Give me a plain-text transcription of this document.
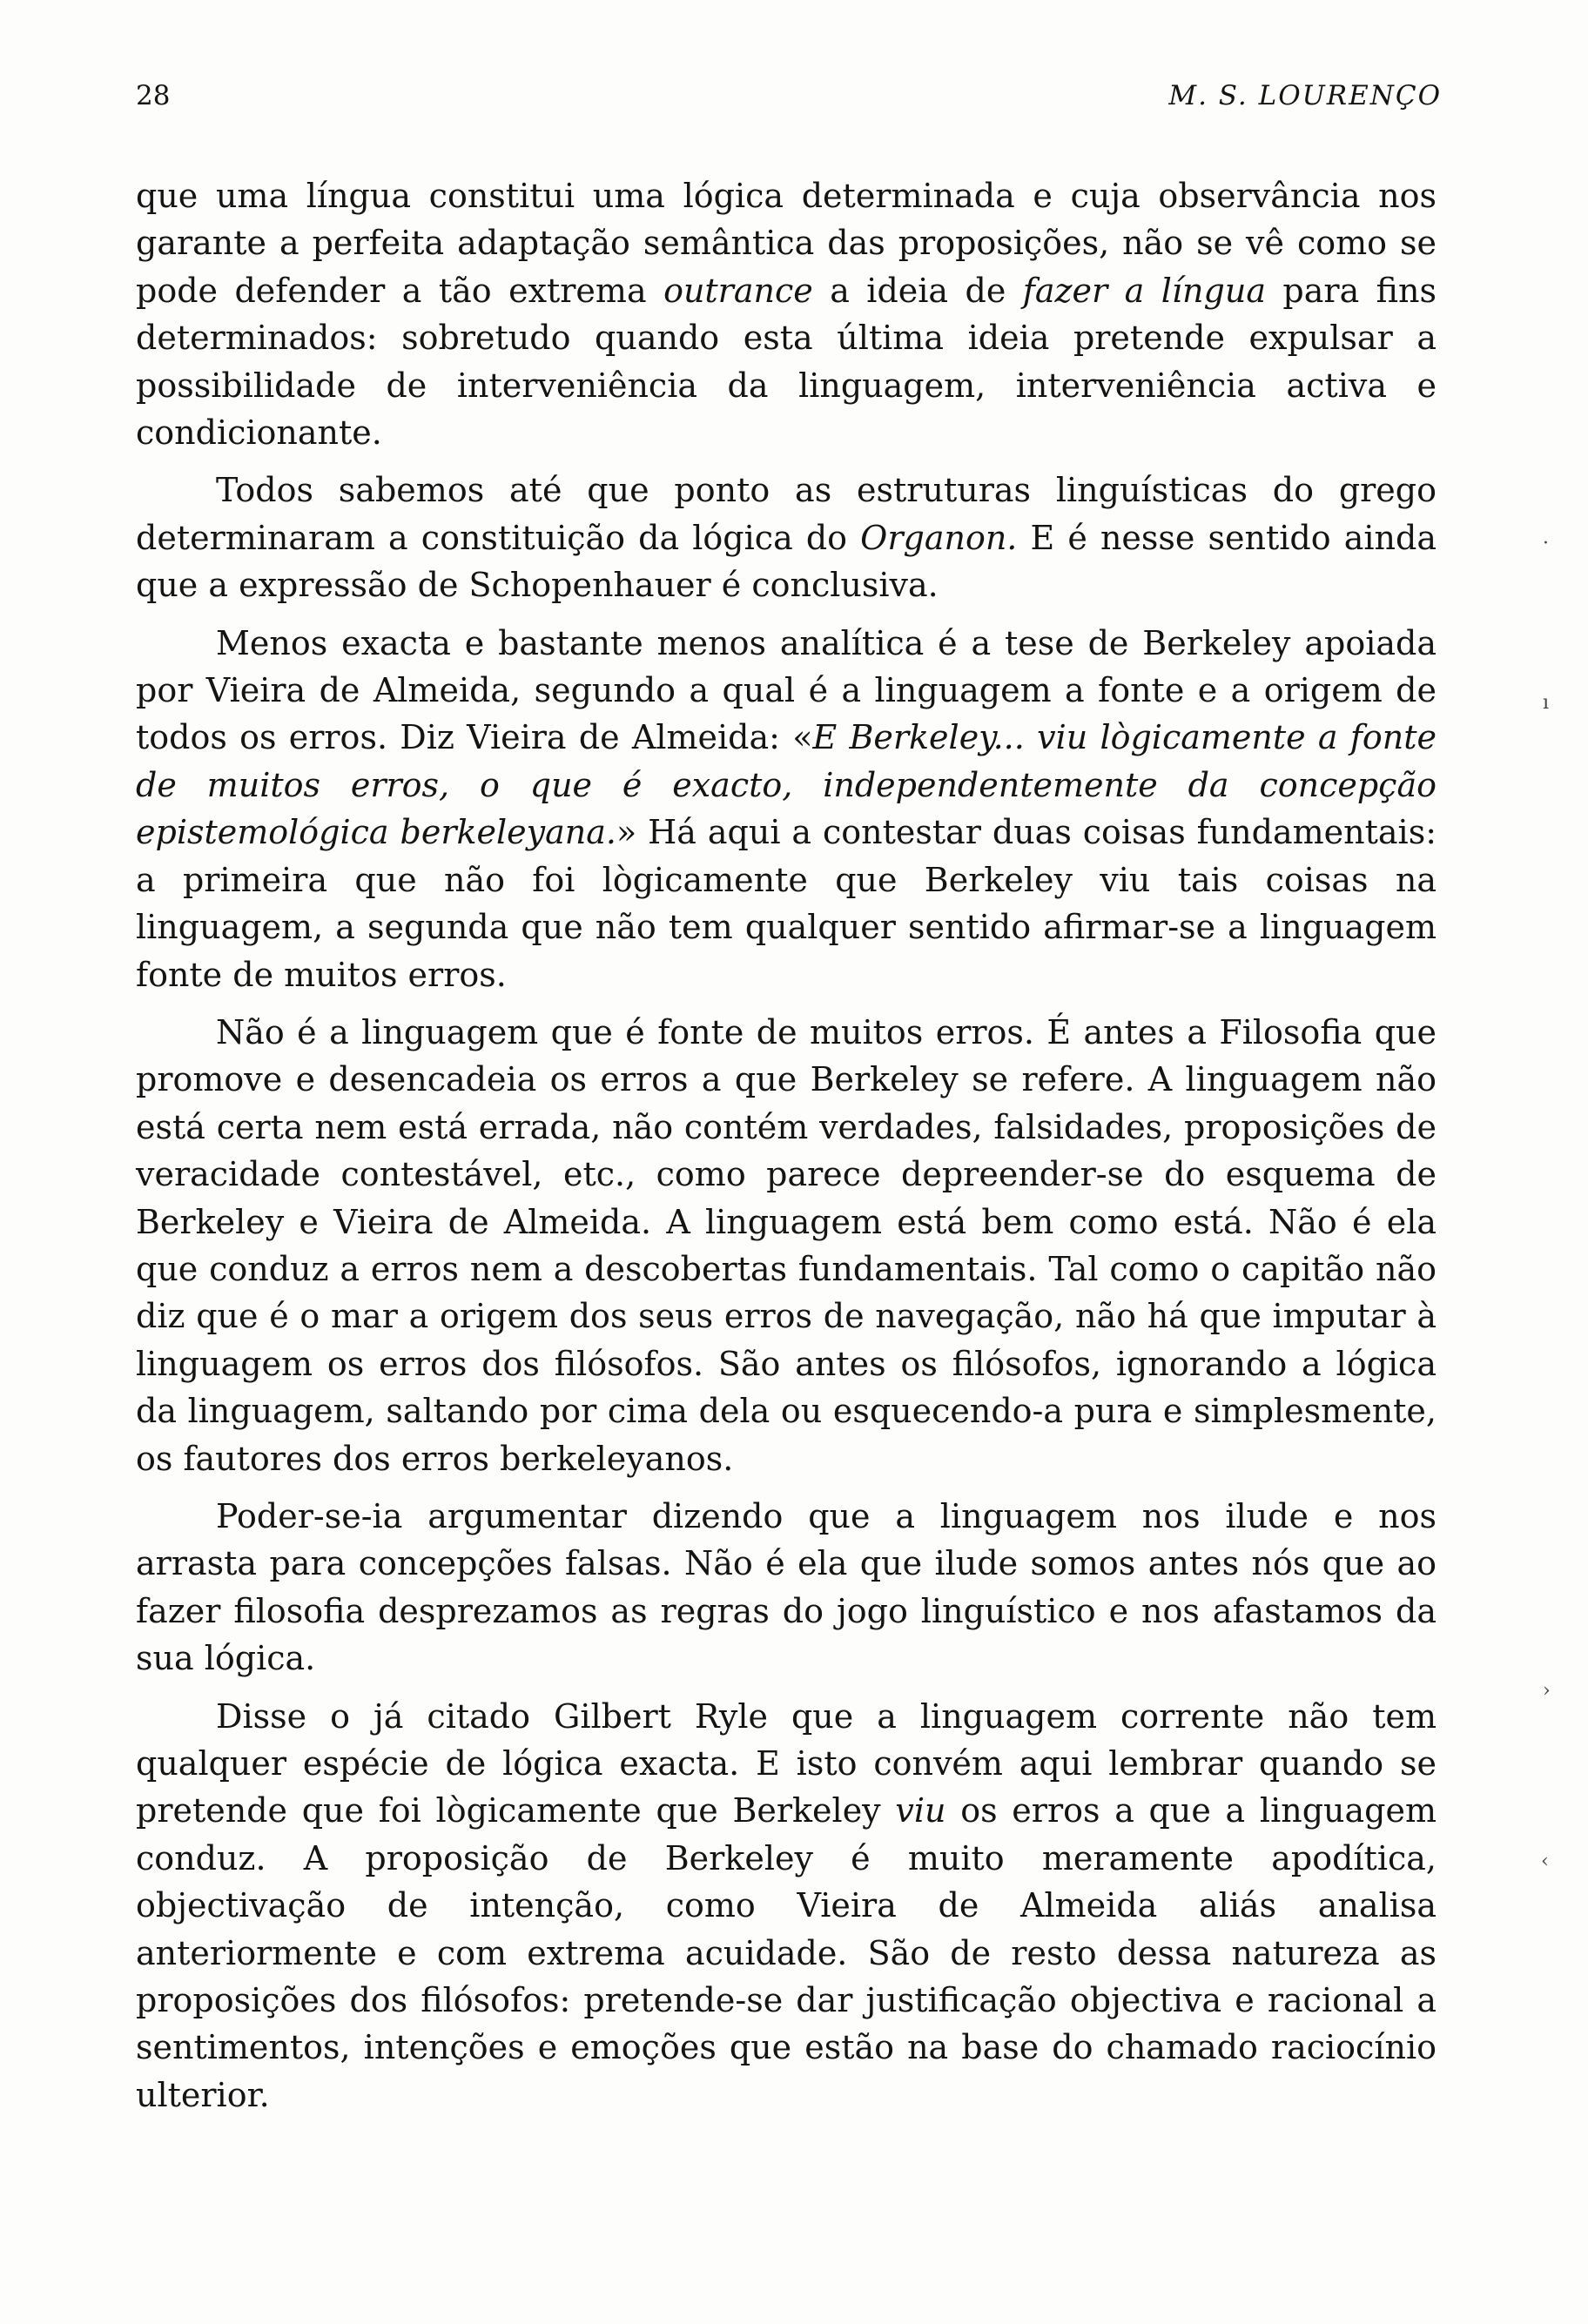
28	M. S. LOURENÇO

que uma língua constitui uma lógica determinada e cuja observância nos garante a perfeita adaptação semântica das proposições, não se vê como se pode defender a tão extrema outrance a ideia de fazer a língua para fins determinados: sobretudo quando esta última ideia pretende expulsar a possibilidade de interveniência da linguagem, interveniência activa e condicionante.

Todos sabemos até que ponto as estruturas linguísticas do grego determinaram a constituição da lógica do Organon. E é nesse sentido ainda que a expressão de Schopenhauer é conclusiva.

Menos exacta e bastante menos analítica é a tese de Berkeley apoiada por Vieira de Almeida, segundo a qual é a linguagem a fonte e a origem de todos os erros. Diz Vieira de Almeida: «E Berkeley... viu lògicamente a fonte de muitos erros, o que é exacto, independentemente da concepção epistemológica berkeleyana.» Há aqui a contestar duas coisas fundamentais: a primeira que não foi lògicamente que Berkeley viu tais coisas na linguagem, a segunda que não tem qualquer sentido afirmar-se a linguagem fonte de muitos erros.

Não é a linguagem que é fonte de muitos erros. É antes a Filosofia que promove e desencadeia os erros a que Berkeley se refere. A linguagem não está certa nem está errada, não contém verdades, falsidades, proposições de veracidade contestável, etc., como parece depreender-se do esquema de Berkeley e Vieira de Almeida. A linguagem está bem como está. Não é ela que conduz a erros nem a descobertas fundamentais. Tal como o capitão não diz que é o mar a origem dos seus erros de navegação, não há que imputar à linguagem os erros dos filósofos. São antes os filósofos, ignorando a lógica da linguagem, saltando por cima dela ou esquecendo-a pura e simplesmente, os fautores dos erros berkeleyanos.

Poder-se-ia argumentar dizendo que a linguagem nos ilude e nos arrasta para concepções falsas. Não é ela que ilude somos antes nós que ao fazer filosofia desprezamos as regras do jogo linguístico e nos afastamos da sua lógica.

Disse o já citado Gilbert Ryle que a linguagem corrente não tem qualquer espécie de lógica exacta. E isto convém aqui lembrar quando se pretende que foi lògicamente que Berkeley viu os erros a que a linguagem conduz. A proposição de Berkeley é muito meramente apodítica, objectivação de intenção, como Vieira de Almeida aliás analisa anteriormente e com extrema acuidade. São de resto dessa natureza as proposições dos filósofos: pretende-se dar justificação objectiva e racional a sentimentos, intenções e emoções que estão na base do chamado raciocínio ulterior.

·
ı
›
‹
